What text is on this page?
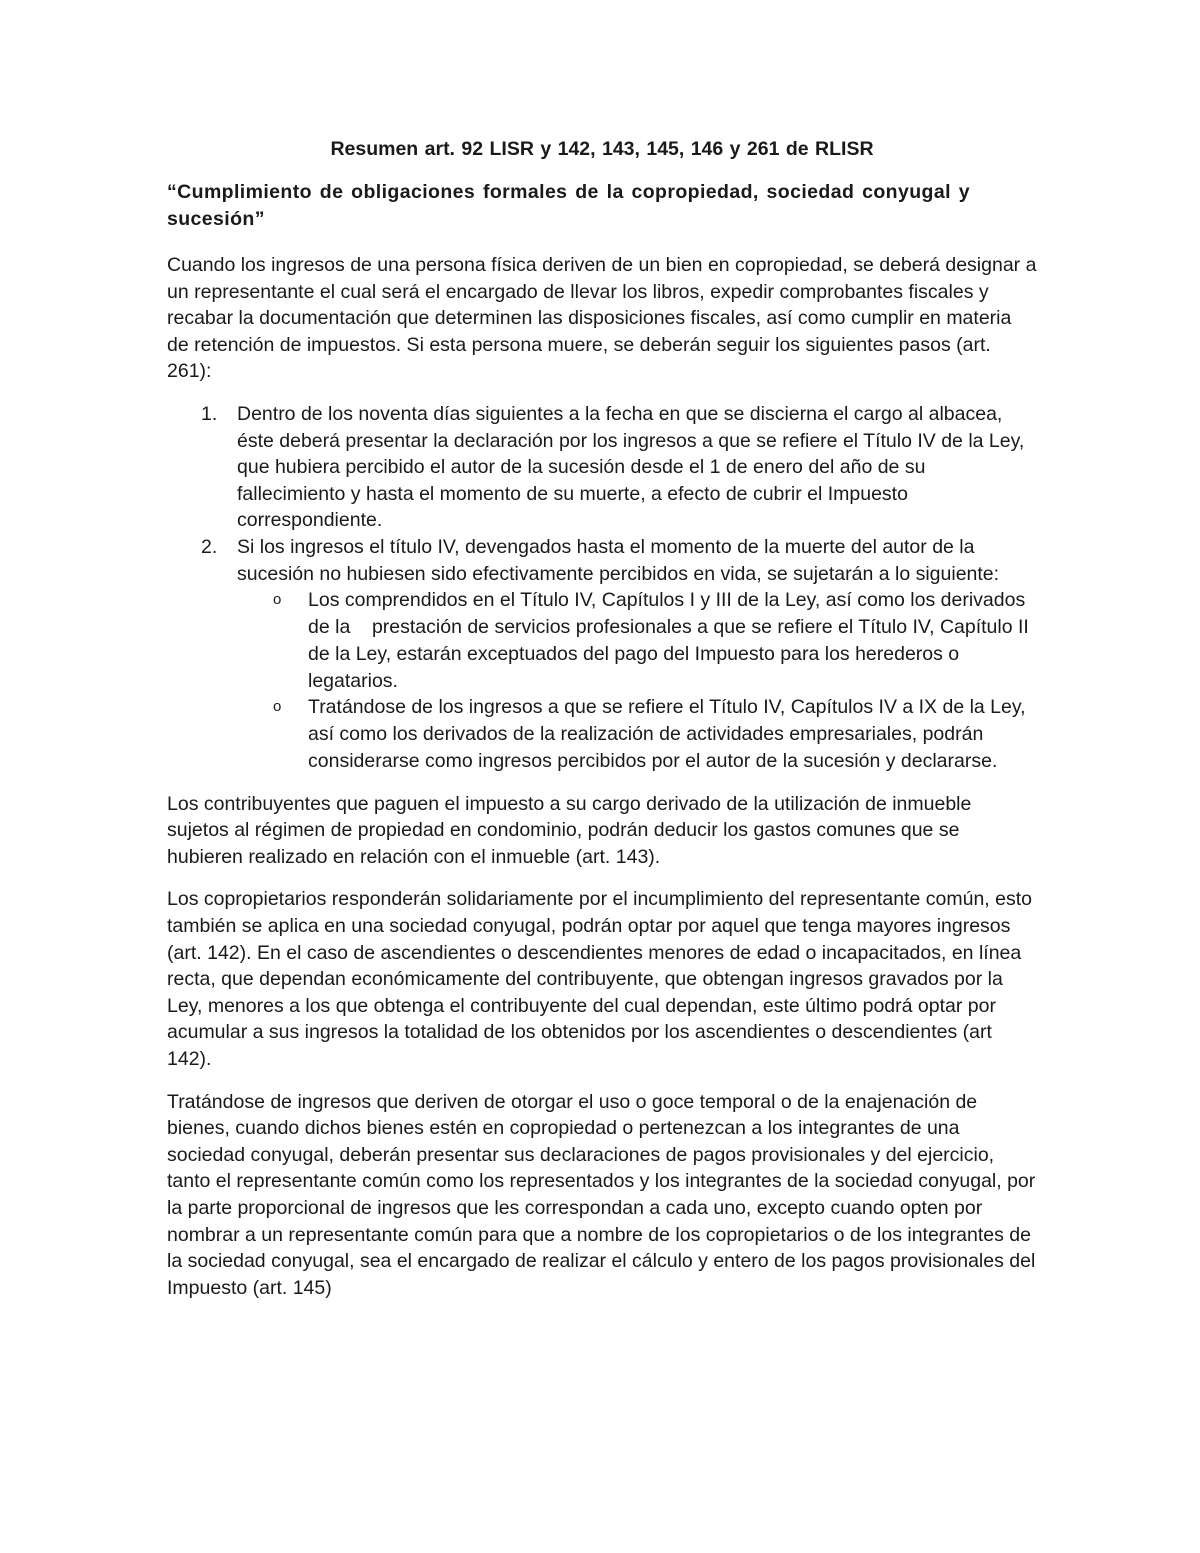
Resumen art. 92 LISR y 142, 143, 145, 146 y 261 de RLISR
“Cumplimiento de obligaciones formales de la copropiedad, sociedad conyugal y sucesión”

Cuando los ingresos de una persona física deriven de un bien en copropiedad, se deberá designar a un representante el cual será el encargado de llevar los libros, expedir comprobantes fiscales y recabar la documentación que determinen las disposiciones fiscales, así como cumplir en materia de retención de impuestos. Si esta persona muere, se deberán seguir los siguientes pasos (art. 261):

1. Dentro de los noventa días siguientes a la fecha en que se discierna el cargo al albacea, éste deberá presentar la declaración por los ingresos a que se refiere el Título IV de la Ley, que hubiera percibido el autor de la sucesión desde el 1 de enero del año de su fallecimiento y hasta el momento de su muerte, a efecto de cubrir el Impuesto correspondiente.
2. Si los ingresos el título IV, devengados hasta el momento de la muerte del autor de la sucesión no hubiesen sido efectivamente percibidos en vida, se sujetarán a lo siguiente:
o Los comprendidos en el Título IV, Capítulos I y III de la Ley, así como los derivados de la    prestación de servicios profesionales a que se refiere el Título IV, Capítulo II de la Ley, estarán exceptuados del pago del Impuesto para los herederos o legatarios.
o Tratándose de los ingresos a que se refiere el Título IV, Capítulos IV a IX de la Ley, así como los derivados de la realización de actividades empresariales, podrán considerarse como ingresos percibidos por el autor de la sucesión y declararse.

Los contribuyentes que paguen el impuesto a su cargo derivado de la utilización de inmueble sujetos al régimen de propiedad en condominio, podrán deducir los gastos comunes que se hubieren realizado en relación con el inmueble (art. 143).

Los copropietarios responderán solidariamente por el incumplimiento del representante común, esto también se aplica en una sociedad conyugal, podrán optar por aquel que tenga mayores ingresos (art. 142). En el caso de ascendientes o descendientes menores de edad o incapacitados, en línea recta, que dependan económicamente del contribuyente, que obtengan ingresos gravados por la Ley, menores a los que obtenga el contribuyente del cual dependan, este último podrá optar por acumular a sus ingresos la totalidad de los obtenidos por los ascendientes o descendientes (art 142).

Tratándose de ingresos que deriven de otorgar el uso o goce temporal o de la enajenación de bienes, cuando dichos bienes estén en copropiedad o pertenezcan a los integrantes de una sociedad conyugal, deberán presentar sus declaraciones de pagos provisionales y del ejercicio, tanto el representante común como los representados y los integrantes de la sociedad conyugal, por la parte proporcional de ingresos que les correspondan a cada uno, excepto cuando opten por nombrar a un representante común para que a nombre de los copropietarios o de los integrantes de la sociedad conyugal, sea el encargado de realizar el cálculo y entero de los pagos provisionales del Impuesto (art. 145)
